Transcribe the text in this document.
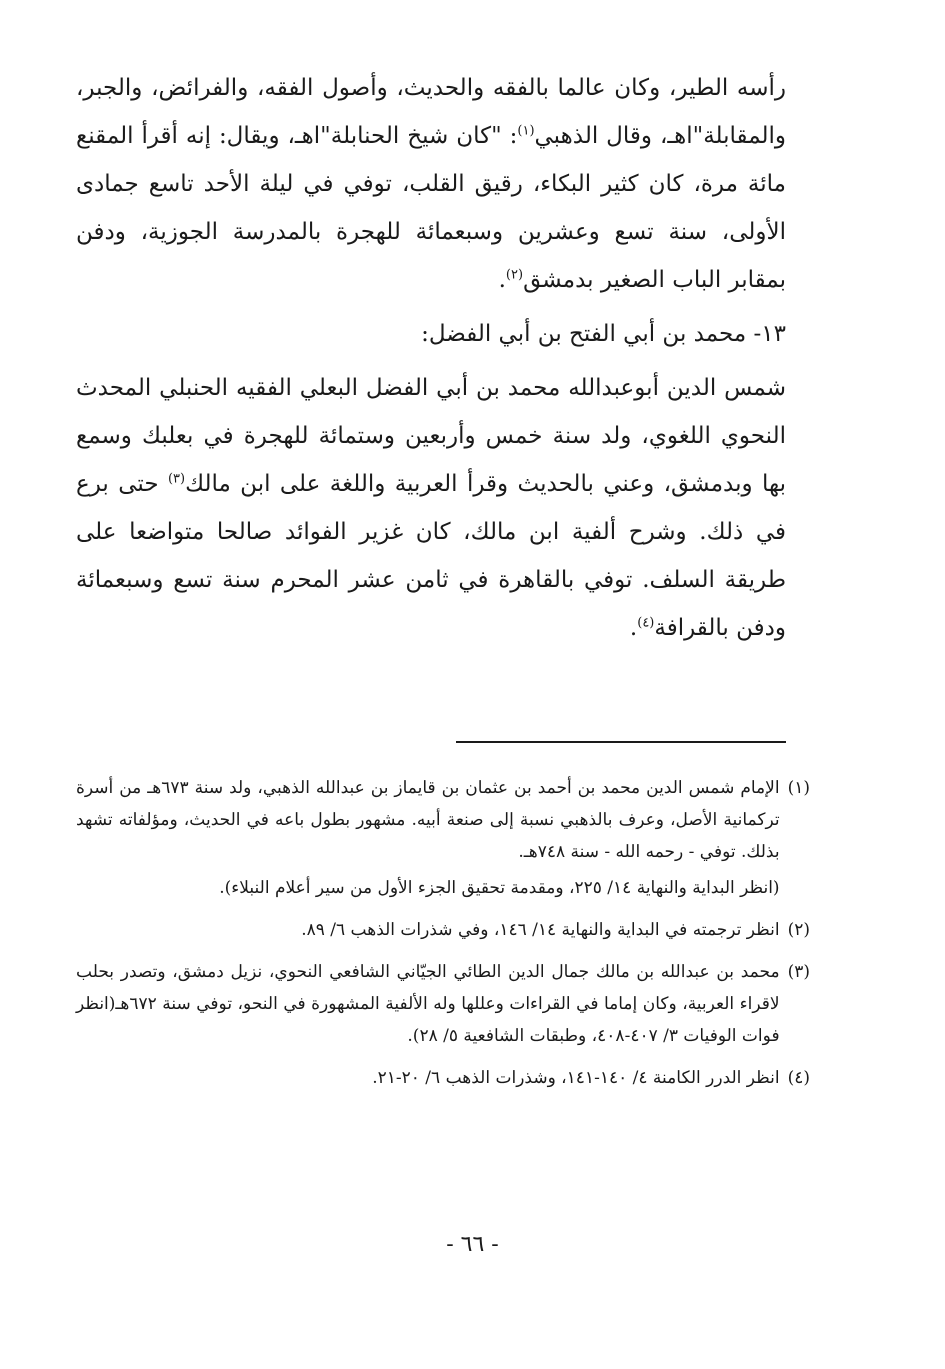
رأسه الطير، وكان عالما بالفقه والحديث، وأصول الفقه، والفرائض، والجبر، والمقابلة"اهـ، وقال الذهبي$^{(١)}$: "كان شيخ الحنابلة"اهـ، ويقال: إنه أقرأ المقنع مائة مرة، كان كثير البكاء، رقيق القلب، توفي في ليلة الأحد تاسع جمادى الأولى، سنة تسع وعشرين وسبعمائة للهجرة بالمدرسة الجوزية، ودفن بمقابر الباب الصغير بدمشق$^{(٢)}$.

١٣- محمد بن أبي الفتح بن أبي الفضل:

شمس الدين أبوعبدالله محمد بن أبي الفضل البعلي الفقيه الحنبلي المحدث النحوي اللغوي، ولد سنة خمس وأربعين وستمائة للهجرة في بعلبك وسمع بها وبدمشق، وعني بالحديث وقرأ العربية واللغة على ابن مالك$^{(٣)}$ حتى برع في ذلك. وشرح ألفية ابن مالك، كان غزير الفوائد صالحا متواضعا على طريقة السلف. توفي بالقاهرة في ثامن عشر المحرم سنة تسع وسبعمائة ودفن بالقرافة$^{(٤)}$.

(١)

الإمام شمس الدين محمد بن أحمد بن عثمان بن قايماز بن عبدالله الذهبي، ولد سنة ٦٧٣هـ من أسرة تركمانية الأصل، وعرف بالذهبي نسبة إلى صنعة أبيه. مشهور بطول باعه في الحديث، ومؤلفاته تشهد بذلك. توفي - رحمه الله - سنة ٧٤٨هـ.

(انظر البداية والنهاية ١٤/ ٢٢٥، ومقدمة تحقيق الجزء الأول من سير أعلام النبلاء).

(٢)

انظر ترجمته في البداية والنهاية ١٤/ ١٤٦، وفي شذرات الذهب ٦/ ٨٩.

(٣)

محمد بن عبدالله بن مالك جمال الدين الطائي الجيّاني الشافعي النحوي، نزيل دمشق، وتصدر بحلب لاقراء العربية، وكان إماما في القراءات وعللها وله الألفية المشهورة في النحو، توفي سنة ٦٧٢هـ(انظر فوات الوفيات ٣/ ٤٠٧-٤٠٨، وطبقات الشافعية ٥/ ٢٨).

(٤)

انظر الدرر الكامنة ٤/ ١٤٠-١٤١، وشذرات الذهب ٦/ ٢٠-٢١.

- ٦٦ -
